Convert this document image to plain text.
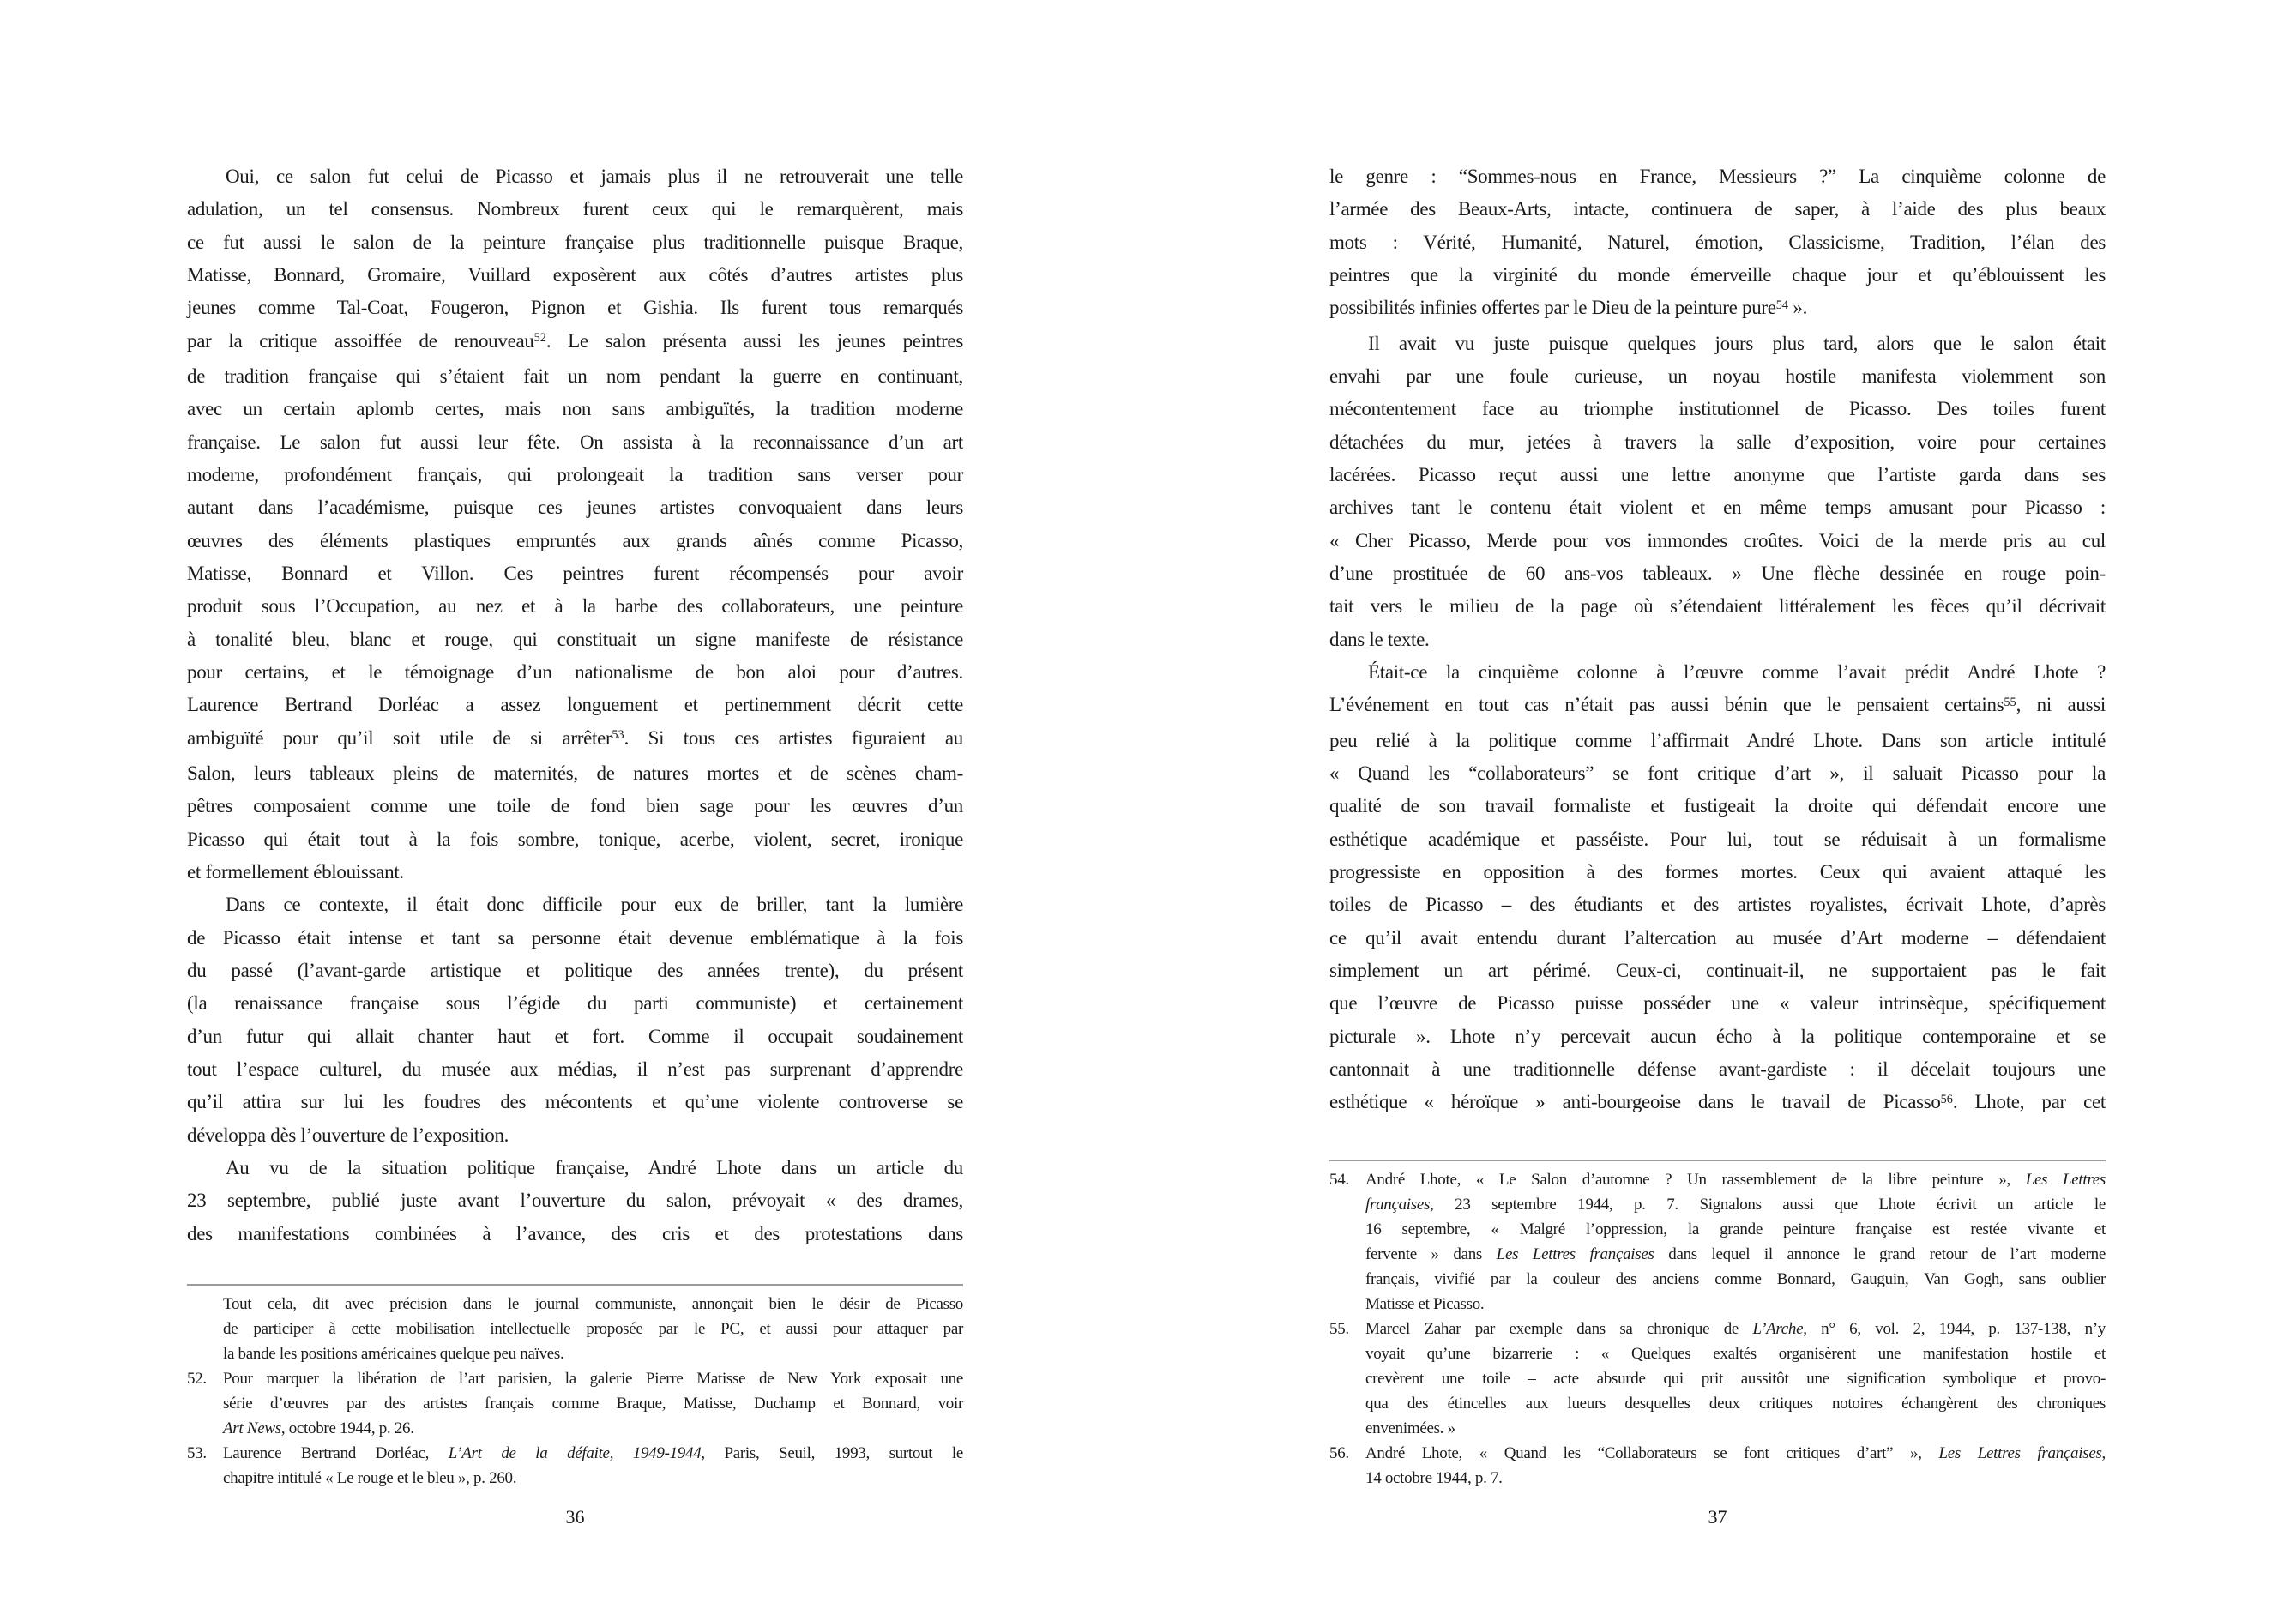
Oui, ce salon fut celui de Picasso et jamais plus il ne retrouverait une telle
adulation, un tel consensus. Nombreux furent ceux qui le remarquèrent, mais
ce fut aussi le salon de la peinture française plus traditionnelle puisque Braque,
Matisse, Bonnard, Gromaire, Vuillard exposèrent aux côtés d’autres artistes plus
jeunes comme Tal-Coat, Fougeron, Pignon et Gishia. Ils furent tous remarqués
par la critique assoiffée de renouveau$^{52}$. Le salon présenta aussi les jeunes peintres
de tradition française qui s’étaient fait un nom pendant la guerre en continuant,
avec un certain aplomb certes, mais non sans ambiguïtés, la tradition moderne
française. Le salon fut aussi leur fête. On assista à la reconnaissance d’un art
moderne, profondément français, qui prolongeait la tradition sans verser pour
autant dans l’académisme, puisque ces jeunes artistes convoquaient dans leurs
œuvres des éléments plastiques empruntés aux grands aînés comme Picasso,
Matisse, Bonnard et Villon. Ces peintres furent récompensés pour avoir
produit sous l’Occupation, au nez et à la barbe des collaborateurs, une peinture
à tonalité bleu, blanc et rouge, qui constituait un signe manifeste de résistance
pour certains, et le témoignage d’un nationalisme de bon aloi pour d’autres.
Laurence Bertrand Dorléac a assez longuement et pertinemment décrit cette
ambiguïté pour qu’il soit utile de si arrêter$^{53}$. Si tous ces artistes figuraient au
Salon, leurs tableaux pleins de maternités, de natures mortes et de scènes cham-
pêtres composaient comme une toile de fond bien sage pour les œuvres d’un
Picasso qui était tout à la fois sombre, tonique, acerbe, violent, secret, ironique
et formellement éblouissant.
Dans ce contexte, il était donc difficile pour eux de briller, tant la lumière
de Picasso était intense et tant sa personne était devenue emblématique à la fois
du passé (l’avant-garde artistique et politique des années trente), du présent
(la renaissance française sous l’égide du parti communiste) et certainement
d’un futur qui allait chanter haut et fort. Comme il occupait soudainement
tout l’espace culturel, du musée aux médias, il n’est pas surprenant d’apprendre
qu’il attira sur lui les foudres des mécontents et qu’une violente controverse se
développa dès l’ouverture de l’exposition.
Au vu de la situation politique française, André Lhote dans un article du
23 septembre, publié juste avant l’ouverture du salon, prévoyait « des drames,
des manifestations combinées à l’avance, des cris et des protestations dans
Tout cela, dit avec précision dans le journal communiste, annonçait bien le désir de Picasso
de participer à cette mobilisation intellectuelle proposée par le PC, et aussi pour attaquer par
la bande les positions américaines quelque peu naïves.
52.	Pour marquer la libération de l’art parisien, la galerie Pierre Matisse de New York exposait une
série d’œuvres par des artistes français comme Braque, Matisse, Duchamp et Bonnard, voir
Art News, octobre 1944, p. 26.
53.	Laurence Bertrand Dorléac, L’Art de la défaite, 1949-1944, Paris, Seuil, 1993, surtout le
chapitre intitulé « Le rouge et le bleu », p. 260.
36
le genre : “Sommes-nous en France, Messieurs ?” La cinquième colonne de
l’armée des Beaux-Arts, intacte, continuera de saper, à l’aide des plus beaux
mots : Vérité, Humanité, Naturel, émotion, Classicisme, Tradition, l’élan des
peintres que la virginité du monde émerveille chaque jour et qu’éblouissent les
possibilités infinies offertes par le Dieu de la peinture pure$^{54}$ ».
Il avait vu juste puisque quelques jours plus tard, alors que le salon était
envahi par une foule curieuse, un noyau hostile manifesta violemment son
mécontentement face au triomphe institutionnel de Picasso. Des toiles furent
détachées du mur, jetées à travers la salle d’exposition, voire pour certaines
lacérées. Picasso reçut aussi une lettre anonyme que l’artiste garda dans ses
archives tant le contenu était violent et en même temps amusant pour Picasso :
« Cher Picasso, Merde pour vos immondes croûtes. Voici de la merde pris au cul
d’une prostituée de 60 ans-vos tableaux. » Une flèche dessinée en rouge poin-
tait vers le milieu de la page où s’étendaient littéralement les fèces qu’il décrivait
dans le texte.
Était-ce la cinquième colonne à l’œuvre comme l’avait prédit André Lhote ?
L’événement en tout cas n’était pas aussi bénin que le pensaient certains$^{55}$, ni aussi
peu relié à la politique comme l’affirmait André Lhote. Dans son article intitulé
« Quand les “collaborateurs” se font critique d’art », il saluait Picasso pour la
qualité de son travail formaliste et fustigeait la droite qui défendait encore une
esthétique académique et passéiste. Pour lui, tout se réduisait à un formalisme
progressiste en opposition à des formes mortes. Ceux qui avaient attaqué les
toiles de Picasso – des étudiants et des artistes royalistes, écrivait Lhote, d’après
ce qu’il avait entendu durant l’altercation au musée d’Art moderne – défendaient
simplement un art périmé. Ceux-ci, continuait-il, ne supportaient pas le fait
que l’œuvre de Picasso puisse posséder une « valeur intrinsèque, spécifiquement
picturale ». Lhote n’y percevait aucun écho à la politique contemporaine et se
cantonnait à une traditionnelle défense avant-gardiste : il décelait toujours une
esthétique « héroïque » anti-bourgeoise dans le travail de Picasso$^{56}$. Lhote, par cet
54.	André Lhote, « Le Salon d’automne ? Un rassemblement de la libre peinture », Les Lettres
françaises, 23 septembre 1944, p. 7. Signalons aussi que Lhote écrivit un article le
16 septembre, « Malgré l’oppression, la grande peinture française est restée vivante et
fervente » dans Les Lettres françaises dans lequel il annonce le grand retour de l’art moderne
français, vivifié par la couleur des anciens comme Bonnard, Gauguin, Van Gogh, sans oublier
Matisse et Picasso.
55.	Marcel Zahar par exemple dans sa chronique de L’Arche, n° 6, vol. 2, 1944, p. 137-138, n’y
voyait qu’une bizarrerie : « Quelques exaltés organisèrent une manifestation hostile et
crevèrent une toile – acte absurde qui prit aussitôt une signification symbolique et provo-
qua des étincelles aux lueurs desquelles deux critiques notoires échangèrent des chroniques
envenimées. »
56.	André Lhote, « Quand les “Collaborateurs se font critiques d’art” », Les Lettres françaises,
14 octobre 1944, p. 7.
37
